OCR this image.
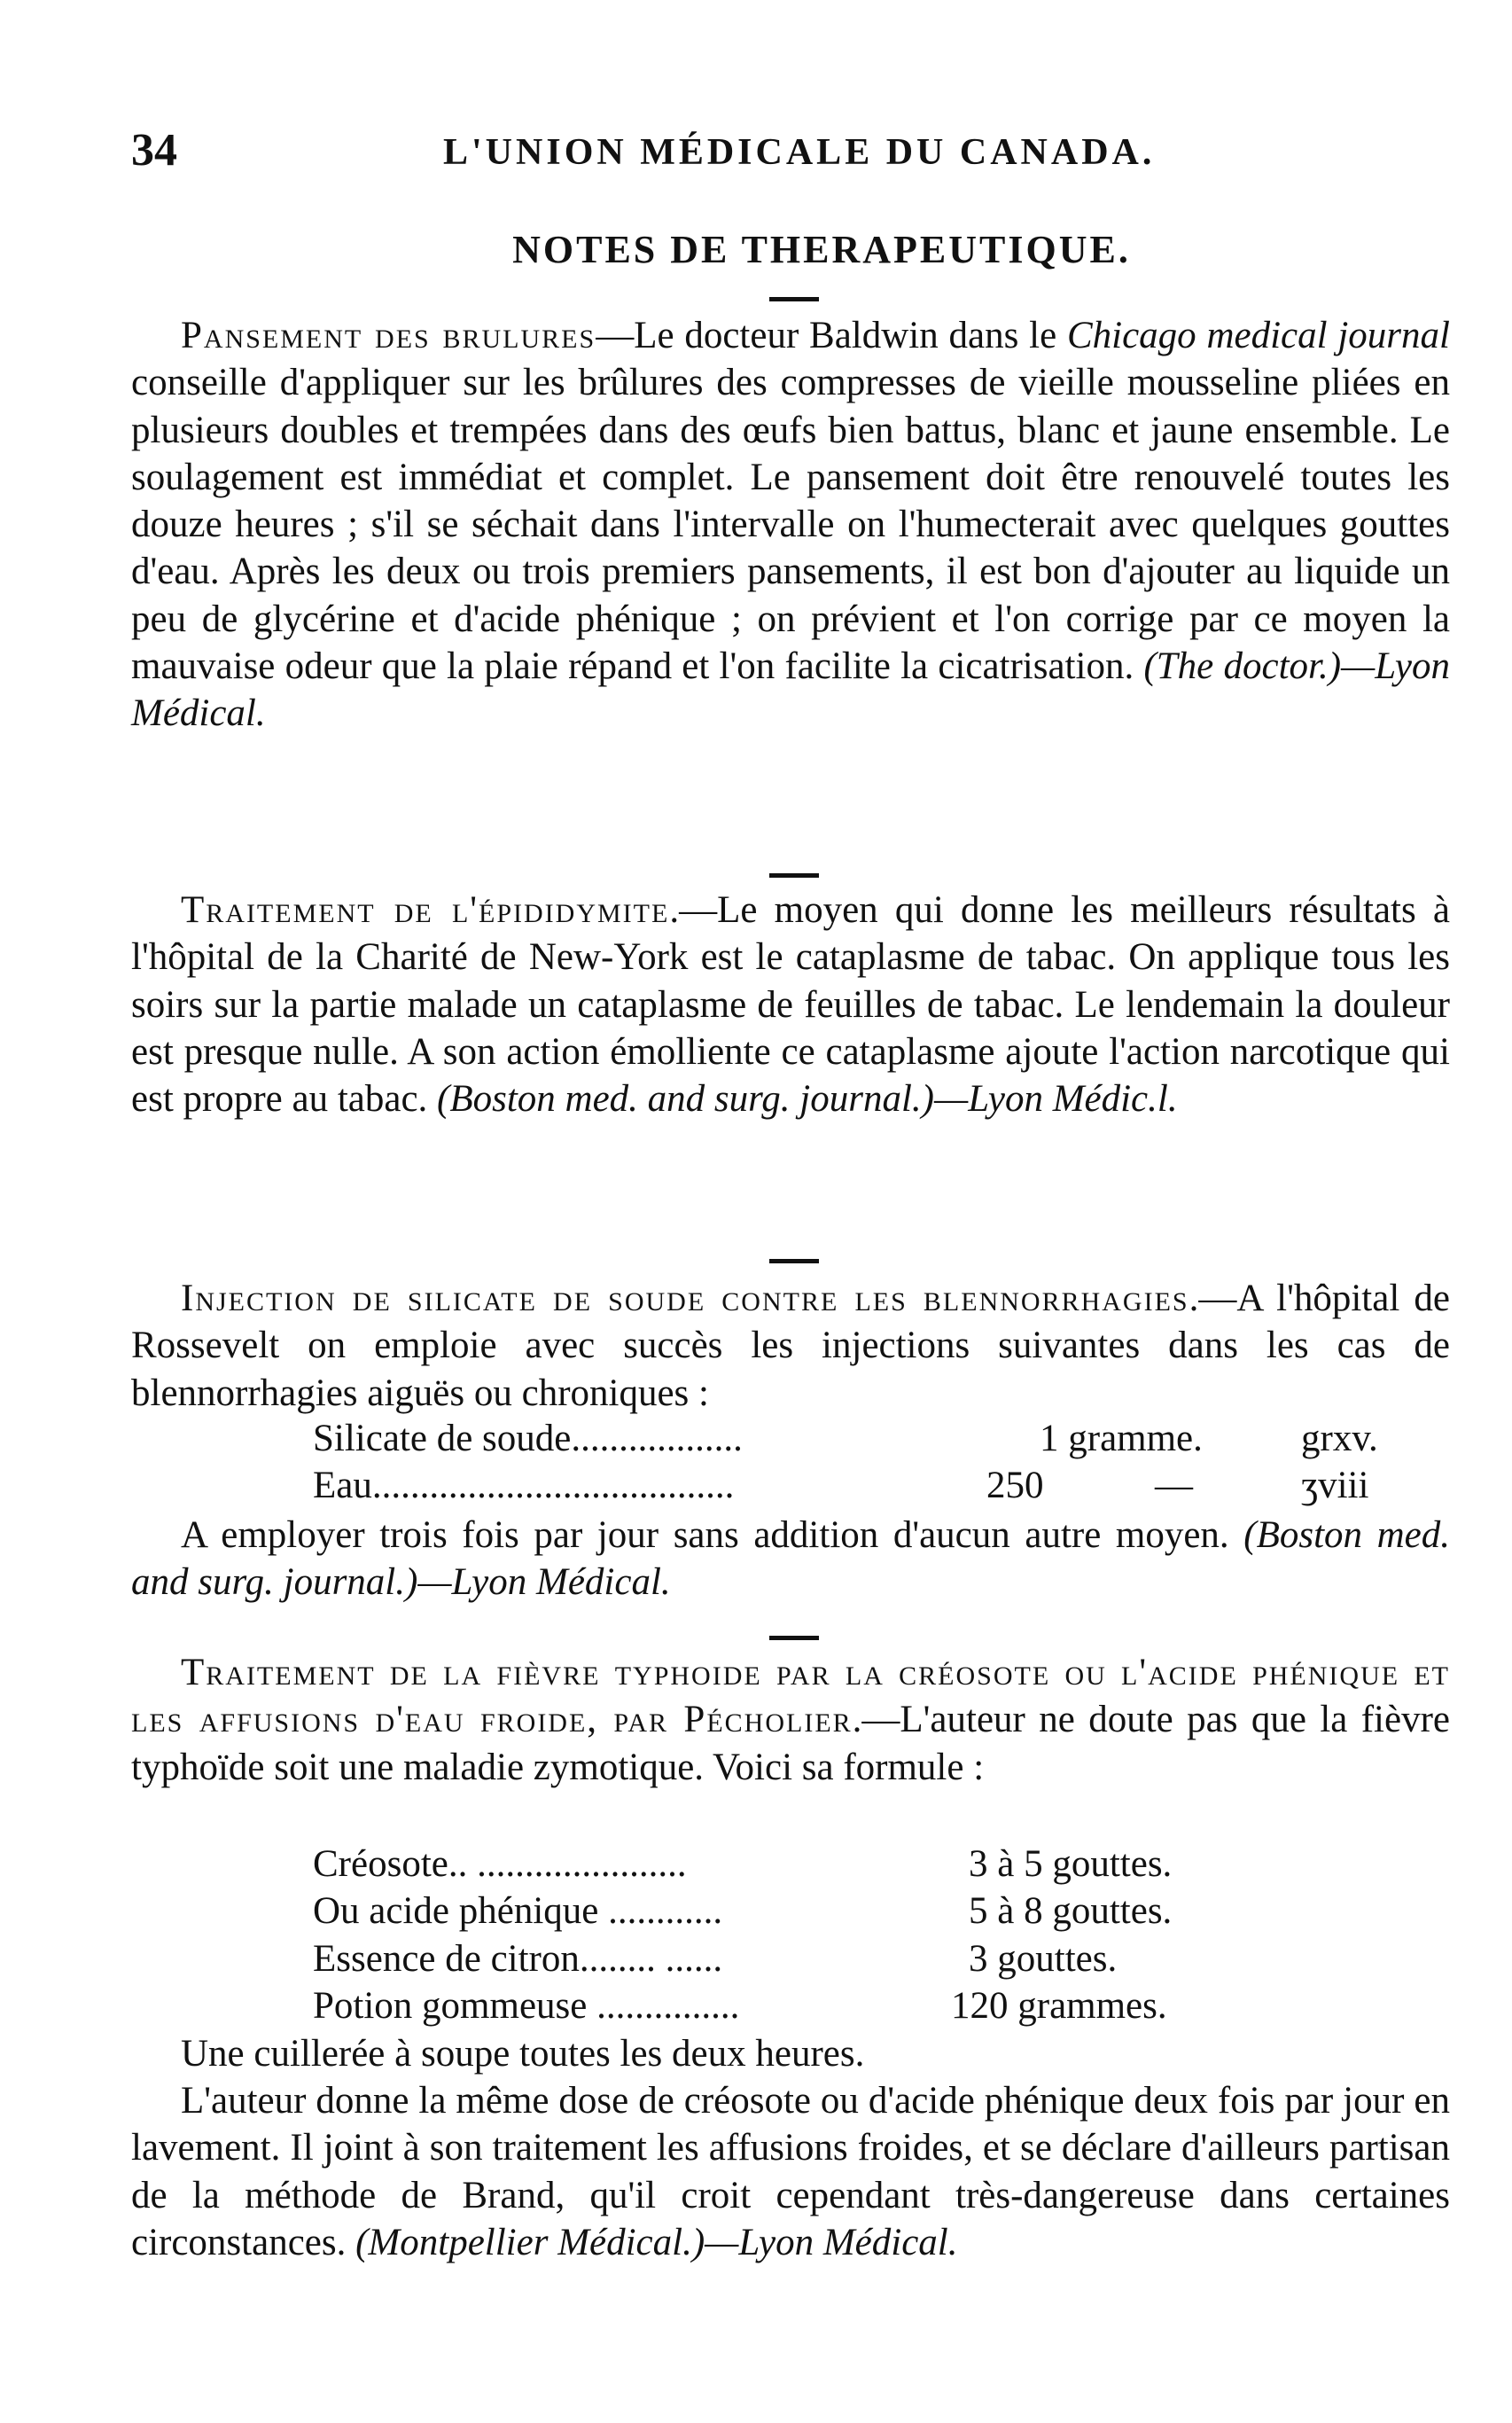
34	L'UNION MÉDICALE DU CANADA.
NOTES DE THERAPEUTIQUE.
Pansement des brulures—Le docteur Baldwin dans le Chicago medical journal conseille d'appliquer sur les brûlures des compresses de vieille mousseline pliées en plusieurs doubles et trempées dans des œufs bien battus, blanc et jaune ensemble. Le soulagement est immédiat et complet. Le pansement doit être renouvelé toutes les douze heures ; s'il se séchait dans l'intervalle on l'humecterait avec quelques gouttes d'eau. Après les deux ou trois premiers pansements, il est bon d'ajouter au liquide un peu de glycérine et d'acide phénique ; on prévient et l'on corrige par ce moyen la mauvaise odeur que la plaie répand et l'on facilite la cicatrisation. (The doctor.)—Lyon Médical.
Traitement de l'épididymite.—Le moyen qui donne les meilleurs résultats à l'hôpital de la Charité de New-York est le cataplasme de tabac. On applique tous les soirs sur la partie malade un cataplasme de feuilles de tabac. Le lendemain la douleur est presque nulle. A son action émolliente ce cataplasme ajoute l'action narcotique qui est propre au tabac. (Boston med. and surg. journal.)—Lyon Médic.l.
Injection de silicate de soude contre les blennorrhagies.—A l'hôpital de Rossevelt on emploie avec succès les injections suivantes dans les cas de blennorrhagies aiguës ou chroniques :
Silicate de soude..................	1 gramme.	grxv.
Eau......................................	250	—	ʒviii
A employer trois fois par jour sans addition d'aucun autre moyen. (Boston med. and surg. journal.)—Lyon Médical.
Traitement de la fièvre typhoide par la créosote ou l'acide phénique et les affusions d'eau froide, par Pécholier.—L'auteur ne doute pas que la fièvre typhoïde soit une maladie zymotique. Voici sa formule :
Créosote.. ......................	3 à 5 gouttes.
Ou acide phénique ............	5 à 8 gouttes.
Essence de citron........ ......	3 gouttes.
Potion gommeuse ...............	120 grammes.
Une cuillerée à soupe toutes les deux heures.
L'auteur donne la même dose de créosote ou d'acide phénique deux fois par jour en lavement. Il joint à son traitement les affusions froides, et se déclare d'ailleurs partisan de la méthode de Brand, qu'il croit cependant très-dangereuse dans certaines circonstances. (Montpellier Médical.)—Lyon Médical.
